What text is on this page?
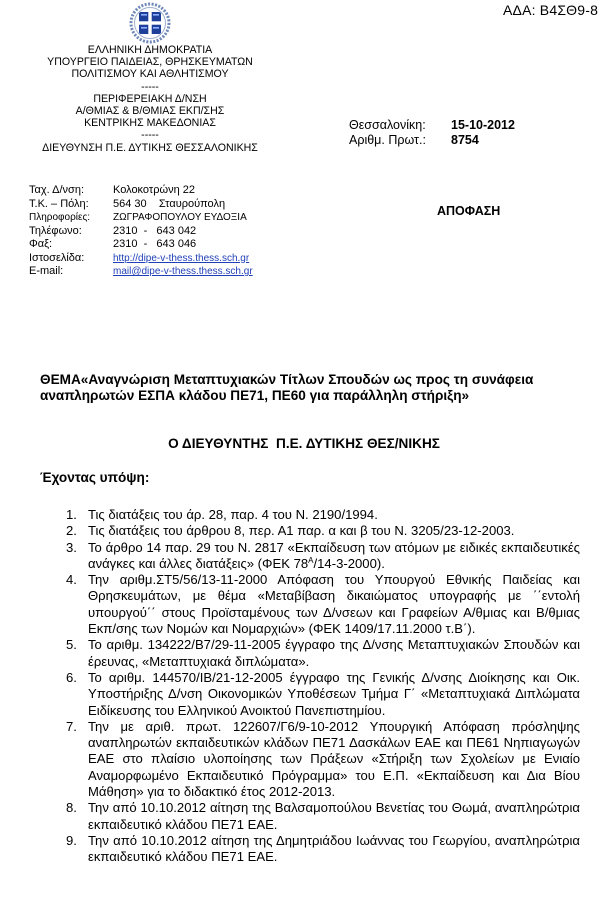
ΑΔΑ: Β4ΣΘ9-8
ΕΛΛΗΝΙΚΗ ΔΗΜΟΚΡΑΤΙΑ
ΥΠΟΥΡΓΕΙΟ ΠΑΙΔΕΙΑΣ, ΘΡΗΣΚΕΥΜΑΤΩΝ
ΠΟΛΙΤΙΣΜΟΥ ΚΑΙ ΑΘΛΗΤΙΣΜΟΥ
-----
ΠΕΡΙΦΕΡΕΙΑΚΗ Δ/ΝΣΗ
Α/ΘΜΙΑΣ & Β/ΘΜΙΑΣ ΕΚΠ/ΣΗΣ
ΚΕΝΤΡΙΚΗΣ ΜΑΚΕΔΟΝΙΑΣ
-----
ΔΙΕΥΘΥΝΣΗ Π.Ε. ΔΥΤΙΚΗΣ ΘΕΣΣΑΛΟΝΙΚΗΣ
Θεσσαλονίκη:	15-10-2012
Αριθμ. Πρωτ.:	8754
ΑΠΟΦΑΣΗ
Ταχ. Δ/νση:	Κολοκοτρώνη 22
Τ.Κ. – Πόλη:	564 30    Σταυρούπολη
Πληροφορίες:	ΖΩΓΡΑΦΟΠΟΥΛΟΥ ΕΥΔΟΞΙΑ
Τηλέφωνο:	2310  -   643 042
Φαξ:	2310  -   643 046
Ιστοσελίδα:	http://dipe-v-thess.thess.sch.gr
E-mail:	mail@dipe-v-thess.thess.sch.gr
ΘΕΜΑ«Αναγνώριση Μεταπτυχιακών Τίτλων Σπουδών ως προς τη συνάφεια αναπληρωτών ΕΣΠΑ κλάδου ΠΕ71, ΠΕ60 για παράλληλη στήριξη»
Ο ΔΙΕΥΘΥΝΤΗΣ  Π.Ε. ΔΥΤΙΚΗΣ ΘΕΣ/ΝΙΚΗΣ
Έχοντας υπόψη:
1. Τις διατάξεις του άρ. 28, παρ. 4 του Ν. 2190/1994.
2. Τις διατάξεις του άρθρου 8, περ. Α1 παρ. α και β του Ν. 3205/23-12-2003.
3. Το άρθρο 14 παρ. 29 του Ν. 2817 «Εκπαίδευση των ατόμων με ειδικές εκπαιδευτικές ανάγκες και άλλες διατάξεις» (ΦΕΚ $78^A/14-3-2000$).
4. Την αριθμ.ΣΤ5/56/13-11-2000 Απόφαση του Υπουργού Εθνικής Παιδείας και Θρησκευμάτων, με θέμα «Μεταβίβαση δικαιώματος υπογραφής με ΄΄εντολή υπουργού΄΄ στους Προϊσταμένους των Δ/νσεων και Γραφείων Α/θμιας και Β/θμιας Εκπ/σης των Νομών και Νομαρχιών» (ΦΕΚ 1409/17.11.2000 τ.Β΄).
5. Το αριθμ. 134222/Β7/29-11-2005 έγγραφο της Δ/νσης Μεταπτυχιακών Σπουδών και έρευνας, «Μεταπτυχιακά διπλώματα».
6. Το αριθμ. 144570/ΙΒ/21-12-2005 έγγραφο της Γενικής Δ/νσης Διοίκησης και Οικ. Υποστήριξης Δ/νση Οικονομικών Υποθέσεων Τμήμα Γ΄ «Μεταπτυχιακά Διπλώματα Ειδίκευσης του Ελληνικού Ανοικτού Πανεπιστημίου.
7. Την με αριθ. πρωτ. 122607/Γ6/9-10-2012 Υπουργική Απόφαση πρόσληψης αναπληρωτών εκπαιδευτικών κλάδων ΠΕ71 Δασκάλων ΕΑΕ και ΠΕ61 Νηπιαγωγών ΕΑΕ στο πλαίσιο υλοποίησης των Πράξεων «Στήριξη των Σχολείων με Ενιαίο Αναμορφωμένο Εκπαιδευτικό Πρόγραμμα» του Ε.Π. «Εκπαίδευση και Δια Βίου Μάθηση» για το διδακτικό έτος 2012-2013.
8. Την από 10.10.2012 αίτηση της Βαλσαμοπούλου Βενετίας του Θωμά, αναπληρώτρια εκπαιδευτικό κλάδου ΠΕ71 ΕΑΕ.
9. Την από 10.10.2012 αίτηση της Δημητριάδου Ιωάννας του Γεωργίου, αναπληρώτρια εκπαιδευτικό κλάδου ΠΕ71 ΕΑΕ.
